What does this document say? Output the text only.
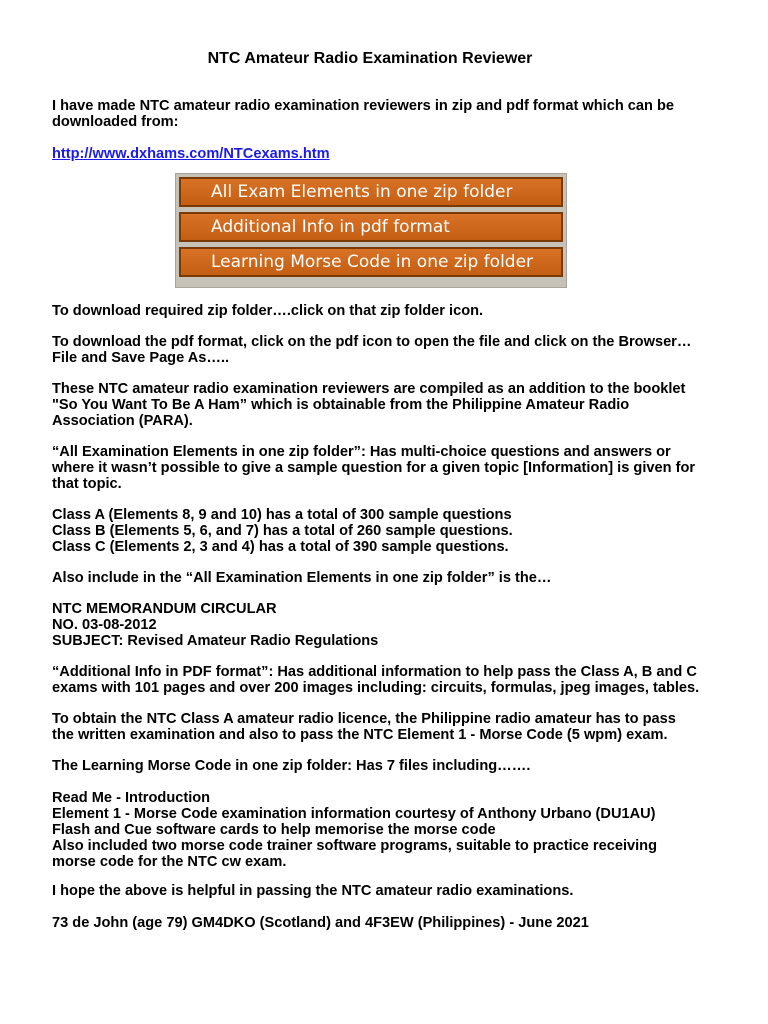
NTC Amateur Radio Examination Reviewer
I have made NTC amateur radio examination reviewers in zip and pdf format which can be downloaded from:
http://www.dxhams.com/NTCexams.htm
All Exam Elements in one zip folder
Additional Info in pdf format
Learning Morse Code in one zip folder
To download required zip folder….click on that zip folder icon.
To download the pdf format, click on the pdf icon to open the file and click on the Browser…
File and Save Page As…..
These NTC amateur radio examination reviewers are compiled as an addition to the booklet
"So You Want To Be A Ham” which is obtainable from the Philippine Amateur Radio
Association (PARA).
“All Examination Elements in one zip folder”: Has multi-choice questions and answers or
where it wasn’t possible to give a sample question for a given topic [Information] is given for
that topic.
Class A (Elements 8, 9 and 10) has a total of 300 sample questions
Class B (Elements 5, 6, and 7) has a total of 260 sample questions.
Class C (Elements 2, 3 and 4) has a total of 390 sample questions.
Also include in the “All Examination Elements in one zip folder” is the…
NTC MEMORANDUM CIRCULAR
NO. 03-08-2012
SUBJECT: Revised Amateur Radio Regulations
“Additional Info in PDF format”: Has additional information to help pass the Class A, B and C
exams with 101 pages and over 200 images including: circuits, formulas, jpeg images, tables.
To obtain the NTC Class A amateur radio licence, the Philippine radio amateur has to pass
the written examination and also to pass the NTC Element 1 - Morse Code (5 wpm) exam.
The Learning Morse Code in one zip folder: Has 7 files including…….
Read Me - Introduction
Element 1 - Morse Code examination information courtesy of Anthony Urbano (DU1AU)
Flash and Cue software cards to help memorise the morse code
Also included two morse code trainer software programs, suitable to practice receiving
morse code for the NTC cw exam.
I hope the above is helpful in passing the NTC amateur radio examinations.
73 de John (age 79) GM4DKO (Scotland) and 4F3EW (Philippines) - June 2021
